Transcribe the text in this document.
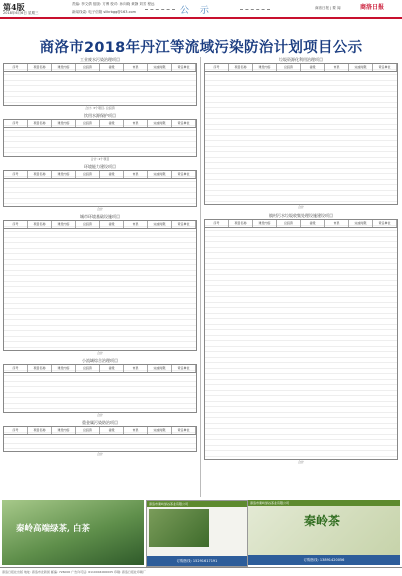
第4版
2018年6月6日 星期三
责编: 李文倩 组版: 方博 校对: 孙向晓 黄静 刘芳 程远
新闻线索: 电子信箱 sllkrbgg@163.com	公 示	商洛日报 | 要 闻	商洛日报
商洛市2018年丹江等流域污染防治计划项目公示
工业废水污染治理项目
序号	项目名称	建设内容	总投资	省级	市县	完成时限	责任单位
合计: 3个项目, 总投资
饮用水源保护项目
序号	项目名称	建设内容	总投资	省级	市县	完成时限	责任单位
合计: 2个项目
环境能力建设项目
序号	项目名称	建设内容	总投资	省级	市县	完成时限	责任单位
合计
城市环境基础设施项目
序号	项目名称	建设内容	总投资	省级	市县	完成时限	责任单位
合计
小流域综合治理项目
序号	项目名称	建设内容	总投资	省级	市县	完成时限	责任单位
合计
重金属污染防治项目
序号	项目名称	建设内容	总投资	省级	市县	完成时限	责任单位
合计
垃圾资源化利用治理项目
序号	项目名称	建设内容	总投资	省级	市县	完成时限	责任单位
合计
镇村污水垃圾收集处理设施建设项目
序号	项目名称	建设内容	总投资	省级	市县	完成时限	责任单位
合计
秦岭高端绿茶, 白茶
商洛市秦岭绿谷茶业有限公司
订购热线: 15291617191
商洛市秦岭绿谷茶业有限公司
秦岭茶
订购热线: 13891420056
商洛日报社出版 地址: 商洛市北新街 邮编: 726000 广告许可证: 6110004000005 印刷: 商洛日报社印刷厂
